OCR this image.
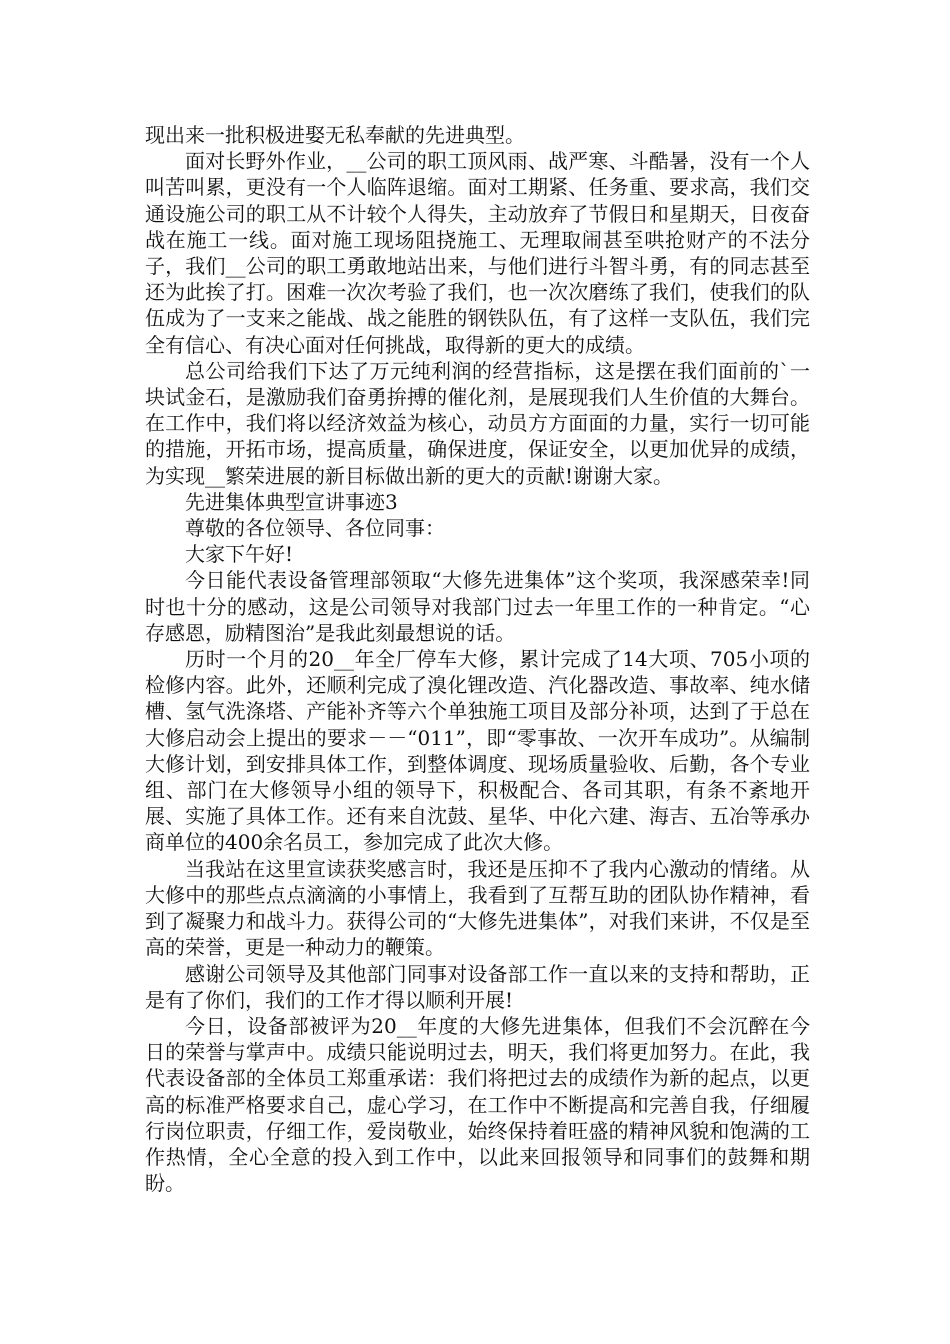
现出来一批积极进娶无私奉献的先进典型。

面对长野外作业，__公司的职工顶风雨、战严寒、斗酷暑，没有一个人叫苦叫累，更没有一个人临阵退缩。面对工期紧、任务重、要求高，我们交通设施公司的职工从不计较个人得失，主动放弃了节假日和星期天，日夜奋战在施工一线。面对施工现场阻挠施工、无理取闹甚至哄抢财产的不法分子，我们__公司的职工勇敢地站出来，与他们进行斗智斗勇，有的同志甚至还为此挨了打。困难一次次考验了我们，也一次次磨练了我们，使我们的队伍成为了一支来之能战、战之能胜的钢铁队伍，有了这样一支队伍，我们完全有信心、有决心面对任何挑战，取得新的更大的成绩。

总公司给我们下达了万元纯利润的经营指标，这是摆在我们面前的`一块试金石，是激励我们奋勇拚搏的催化剂，是展现我们人生价值的大舞台。在工作中，我们将以经济效益为核心，动员方方面面的力量，实行一切可能的措施，开拓市场，提高质量，确保进度，保证安全，以更加优异的成绩，为实现__繁荣进展的新目标做出新的更大的贡献!谢谢大家。

先进集体典型宣讲事迹3

尊敬的各位领导、各位同事：

大家下午好!

今日能代表设备管理部领取“大修先进集体”这个奖项，我深感荣幸!同时也十分的感动，这是公司领导对我部门过去一年里工作的一种肯定。“心存感恩，励精图治”是我此刻最想说的话。

历时一个月的20__年全厂停车大修，累计完成了14大项、705小项的检修内容。此外，还顺利完成了溴化锂改造、汽化器改造、事故率、纯水储槽、氢气洗涤塔、产能补齐等六个单独施工项目及部分补项，达到了于总在大修启动会上提出的要求－－“011”，即“零事故、一次开车成功”。从编制大修计划，到安排具体工作，到整体调度、现场质量验收、后勤，各个专业组、部门在大修领导小组的领导下，积极配合、各司其职，有条不紊地开展、实施了具体工作。还有来自沈鼓、星华、中化六建、海吉、五冶等承办商单位的400余名员工，参加完成了此次大修。

当我站在这里宣读获奖感言时，我还是压抑不了我内心激动的情绪。从大修中的那些点点滴滴的小事情上，我看到了互帮互助的团队协作精神，看到了凝聚力和战斗力。获得公司的“大修先进集体”，对我们来讲，不仅是至高的荣誉，更是一种动力的鞭策。

感谢公司领导及其他部门同事对设备部工作一直以来的支持和帮助，正是有了你们，我们的工作才得以顺利开展!

今日，设备部被评为20__年度的大修先进集体，但我们不会沉醉在今日的荣誉与掌声中。成绩只能说明过去，明天，我们将更加努力。在此，我代表设备部的全体员工郑重承诺：我们将把过去的成绩作为新的起点，以更高的标准严格要求自己，虚心学习，在工作中不断提高和完善自我，仔细履行岗位职责，仔细工作，爱岗敬业，始终保持着旺盛的精神风貌和饱满的工作热情，全心全意的投入到工作中，以此来回报领导和同事们的鼓舞和期盼。
